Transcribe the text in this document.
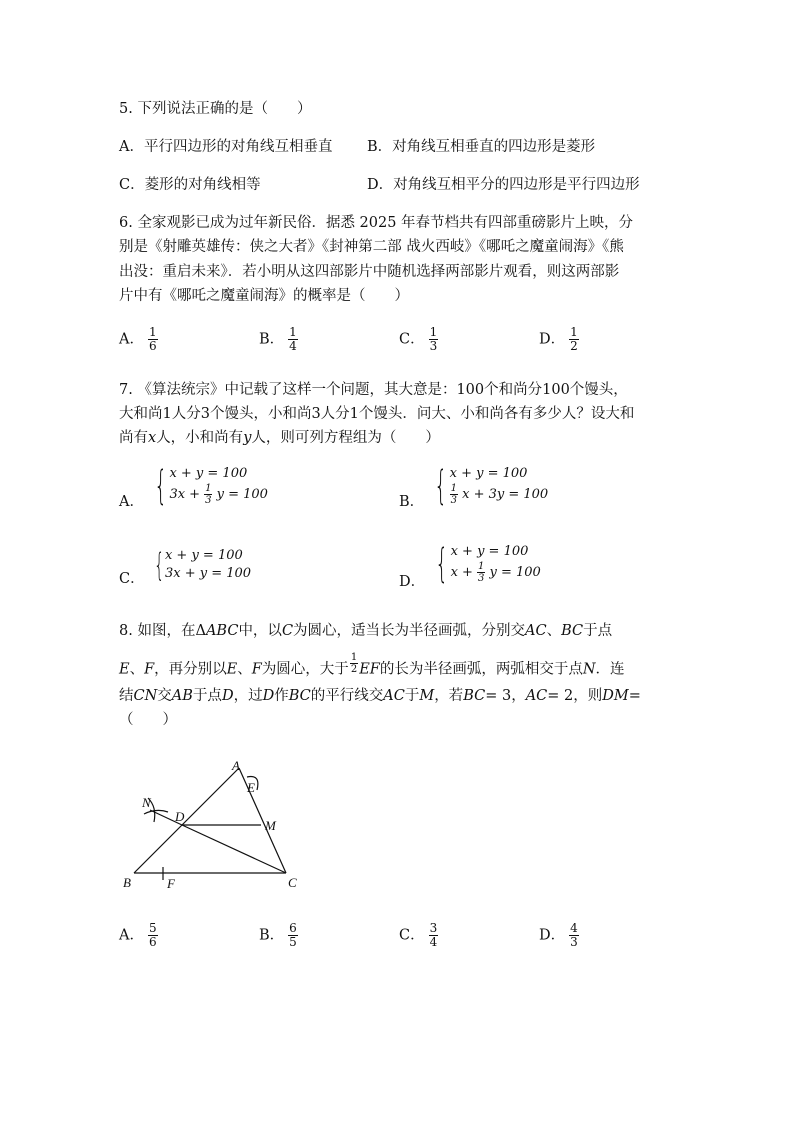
5. 下列说法正确的是（　　）
A．平行四边形的对角线互相垂直 B．对角线互相垂直的四边形是菱形
C．菱形的对角线相等	D．对角线互相平分的四边形是平行四边形
6. 全家观影已成为过年新民俗．据悉 2025 年春节档共有四部重磅影片上映，分
别是《射雕英雄传：侠之大者》《封神第二部 战火西岐》《哪吒之魔童闹海》《熊
出没：重启未来》．若小明从这四部影片中随机选择两部影片观看，则这两部影
片中有《哪吒之魔童闹海》的概率是（　　）
A． $\frac{1}{6}$	B． $\frac{1}{4}$	C． $\frac{1}{3}$	D． $\frac{1}{2}$
7. 《算法统宗》中记载了这样一个问题，其大意是：100个和尚分100个馒头，
大和尚1人分3个馒头，小和尚3人分1个馒头．问大、小和尚各有多少人？设大和
尚有x人，小和尚有y人，则可列方程组为（　　）
A． { x + y = 100
$3x + \frac{1}{3}$
y = 100	B． { x + y = 100
$\frac{1}{3}$
x + 3y = 100
C． { x + y = 100
3x + y = 100	D． { x + y = 100
$x + \frac{1}{3}$
y = 100
8. 如图，在ΔABC中，以C为圆心，适当长为半径画弧，分别交AC、BC于点
E、F，再分别以E、F为圆心，大于 $\frac{1}{2}$ EF的长为半径画弧，两弧相交于点N．连
结CN交AB于点D，过D作BC的平行线交AC于M，若BC= 3，AC= 2，则DM=
（　　）
A
E
N
D
M
B	F	C
A． $\frac{5}{6}$	B． $\frac{6}{5}$	C． $\frac{3}{4}$	D． $\frac{4}{3}$
